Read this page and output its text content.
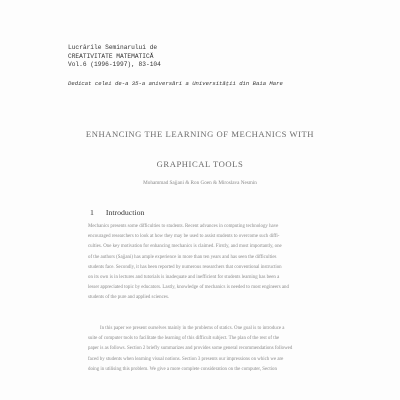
Lucrările Seminarului de
CREATIVITATE MATEMATICĂ
Vol.6 (1996-1997), 83-104
Dedicat celei de-a 35-a aniversări a Universității din Baia Mare
ENHANCING THE LEARNING OF MECHANICS WITH
GRAPHICAL TOOLS
Mohammad Sajjani & Ron Goen & Miroslava Nesmin
1 Introduction
Mechanics presents some difficulties to students. Recent advances in computing technology have
encouraged researchers to look at how they may be used to assist students to overcome such diffi-
culties. One key motivation for enhancing mechanics is claimed. Firstly, and most importantly, one
of the authors (Sajjani) has ample experience in more than ten years and has seen the difficulties
students face. Secondly, it has been reported by numerous researchers that conventional instruction
on its own is in lectures and tutorials is inadequate and inefficient for students learning has been a
lesser appreciated topic by educators. Lastly, knowledge of mechanics is needed to most engineers and
students of the pure and applied sciences.
In this paper we present ourselves mainly in the problems of statics. One goal is to introduce a
suite of computer tools to facilitate the learning of this difficult subject. The plan of the rest of the
paper is as follows. Section 2 briefly summarizes and provides some general recommendations followed
faced by students when learning visual notions. Section 3 presents our impressions on which we are
doing in utilising this problem. We give a more complete consideration on the computer, Section
